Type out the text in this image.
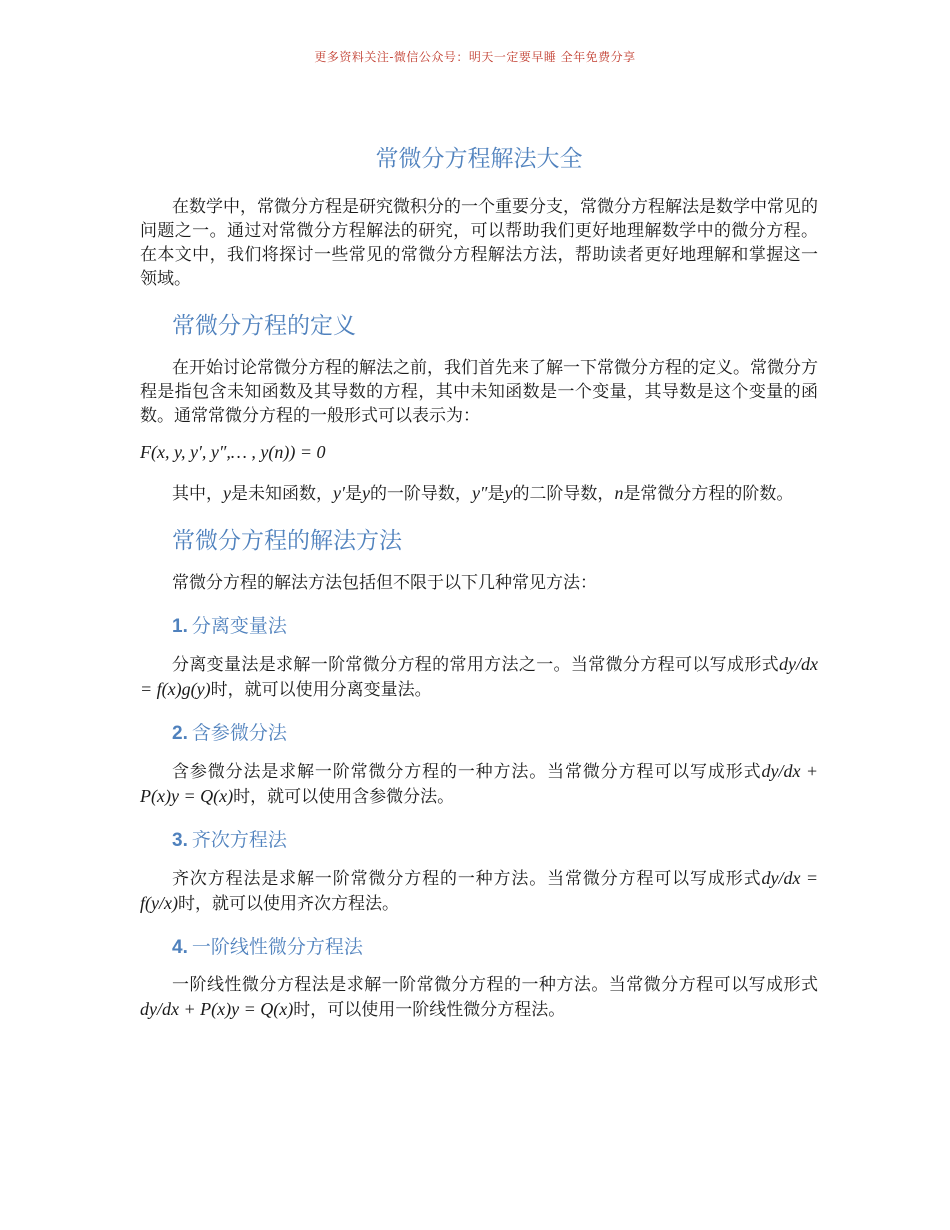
更多资料关注-微信公众号：明天一定要早睡 全年免费分享
常微分方程解法大全

在数学中，常微分方程是研究微积分的一个重要分支，常微分方程解法是数学中常见的问题之一。通过对常微分方程解法的研究，可以帮助我们更好地理解数学中的微分方程。在本文中，我们将探讨一些常见的常微分方程解法方法，帮助读者更好地理解和掌握这一领域。

常微分方程的定义

在开始讨论常微分方程的解法之前，我们首先来了解一下常微分方程的定义。常微分方程是指包含未知函数及其导数的方程，其中未知函数是一个变量，其导数是这个变量的函数。通常常微分方程的一般形式可以表示为：

F(x, y, y′, y″,… , y(n)) = 0

其中，y是未知函数，y′是y的一阶导数，y″是y的二阶导数，n是常微分方程的阶数。

常微分方程的解法方法

常微分方程的解法方法包括但不限于以下几种常见方法：

1. 分离变量法

分离变量法是求解一阶常微分方程的常用方法之一。当常微分方程可以写成形式dy/dx = f(x)g(y)时，就可以使用分离变量法。

2. 含参微分法

含参微分法是求解一阶常微分方程的一种方法。当常微分方程可以写成形式dy/dx + P(x)y = Q(x)时，就可以使用含参微分法。

3. 齐次方程法

齐次方程法是求解一阶常微分方程的一种方法。当常微分方程可以写成形式dy/dx = f(y/x)时，就可以使用齐次方程法。

4. 一阶线性微分方程法

一阶线性微分方程法是求解一阶常微分方程的一种方法。当常微分方程可以写成形式dy/dx + P(x)y = Q(x)时，可以使用一阶线性微分方程法。
